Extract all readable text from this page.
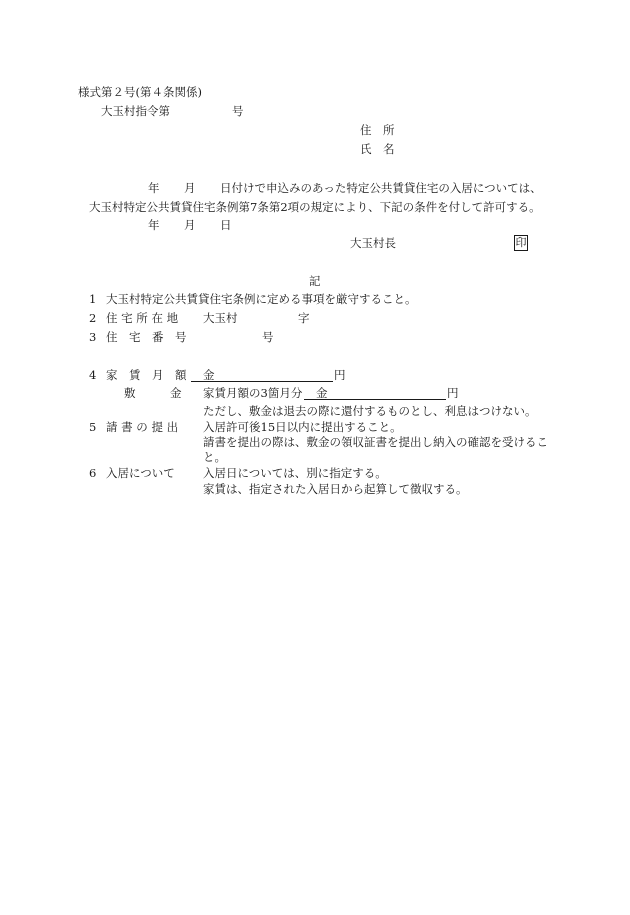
様式第２号(第４条関係)
大玉村指令第	号
住　所
氏　名
年 月 日付けで申込みのあった特定公共賃貸住宅の入居については、
大玉村特定公共賃貸住宅条例第7条第2項の規定により、下記の条件を付して許可する。
年 月 日
大玉村長	印
記
1 大玉村特定公共賃貸住宅条例に定める事項を厳守すること。
2 住 宅 所 在 地 大玉村	字
3 住　宅　番　号	号
4 家　賃　月　額 金	円
敷　　　金 家賃月額の3箇月分 金	円
ただし、敷金は退去の際に還付するものとし、利息はつけない。
5 請 書 の 提 出 入居許可後15日以内に提出すること。
請書を提出の際は、敷金の領収証書を提出し納入の確認を受けるこ
と。
6 入居について 入居日については、別に指定する。
家賃は、指定された入居日から起算して徴収する。
